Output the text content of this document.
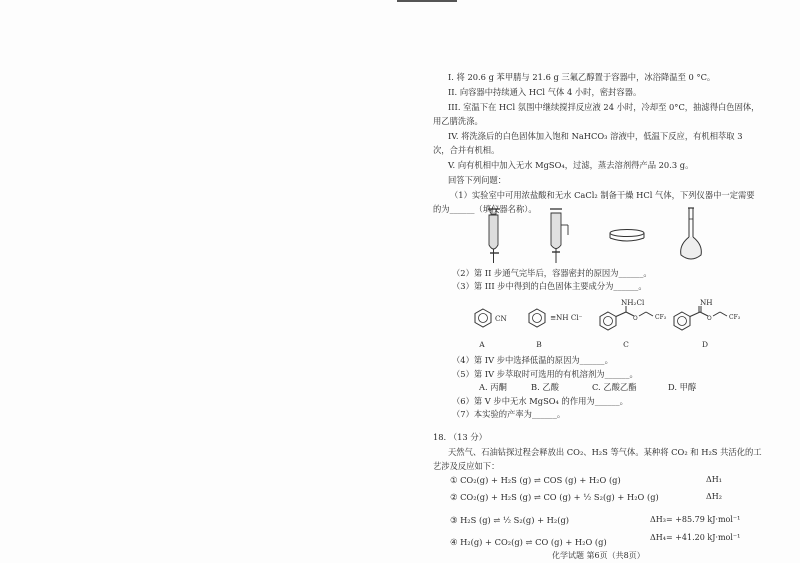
I. 将 20.6 g 苯甲腈与 21.6 g 三氟乙醇置于容器中，冰浴降温至 0 °C。
II. 向容器中持续通入 HCl 气体 4 小时，密封容器。
III. 室温下在 HCl 氛围中继续搅拌反应液 24 小时，冷却至 0°C，抽滤得白色固体，
用乙腈洗涤。
IV. 将洗涤后的白色固体加入饱和 NaHCO₃ 溶液中，低温下反应，有机相萃取 3
次，合并有机相。
V. 向有机相中加入无水 MgSO₄，过滤，蒸去溶剂得产品 20.3 g。
回答下列问题：
（1）实验室中可用浓盐酸和无水 CaCl₂ 制备干燥 HCl 气体，下列仪器中一定需要
的为______（填仪器名称）。
（2）第 II 步通气完毕后，容器密封的原因为______。
（3）第 III 步中得到的白色固体主要成分为______。
CN	≡NH Cl⁻
NH₂Cl
O	CF₃
NH
O	CF₃
A	B	C	D
（4）第 IV 步中选择低温的原因为______。
（5）第 IV 步萃取时可选用的有机溶剂为______。
A. 丙酮	B. 乙酸	C. 乙酸乙酯	D. 甲醇
（6）第 V 步中无水 MgSO₄ 的作用为______。
（7）本实验的产率为______。
18. （13 分）
天然气、石油钻探过程会释放出 CO₂、H₂S 等气体。某种将 CO₂ 和 H₂S 共活化的工
艺涉及反应如下：
① CO₂(g) + H₂S (g) ⇌ COS (g) + H₂O (g)	ΔH₁
② CO₂(g) + H₂S (g) ⇌ CO (g) + ½ S₂(g) + H₂O (g)	ΔH₂
③ H₂S (g) ⇌ ½ S₂(g) + H₂(g)	ΔH₃= +85.79 kJ·mol⁻¹
④ H₂(g) + CO₂(g) ⇌ CO (g) + H₂O (g)	ΔH₄= +41.20 kJ·mol⁻¹
化学试题 第6页（共8页）
